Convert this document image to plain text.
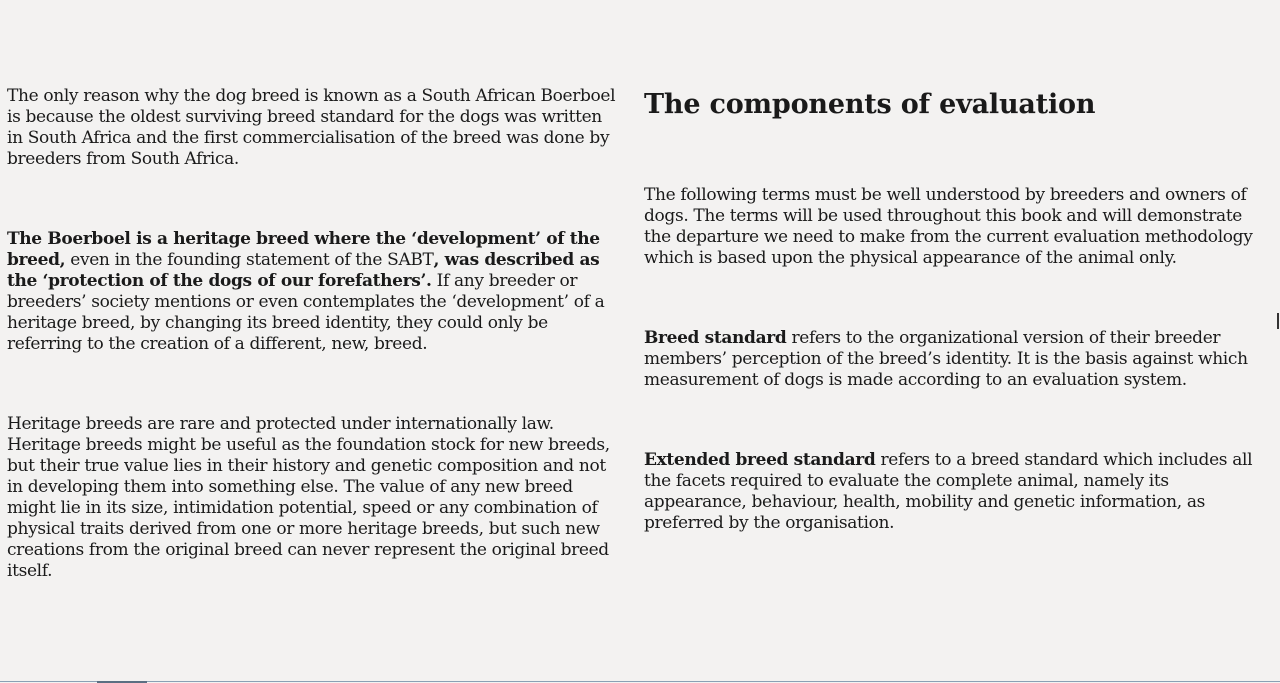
The only reason why the dog breed is known as a South African Boerboel is because the oldest surviving breed standard for the dogs was written in South Africa and the first commercialisation of the breed was done by breeders from South Africa.

The Boerboel is a heritage breed where the ‘development’ of the breed, even in the founding statement of the SABT, was described as the ‘protection of the dogs of our forefathers’. If any breeder or breeders’ society mentions or even contemplates the ‘development’ of a heritage breed, by changing its breed identity, they could only be referring to the creation of a different, new, breed.

Heritage breeds are rare and protected under internationally law. Heritage breeds might be useful as the foundation stock for new breeds, but their true value lies in their history and genetic composition and not in developing them into something else. The value of any new breed might lie in its size, intimidation potential, speed or any combination of physical traits derived from one or more heritage breeds, but such new creations from the original breed can never represent the original breed itself.

The components of evaluation

The following terms must be well understood by breeders and owners of dogs. The terms will be used throughout this book and will demonstrate the departure we need to make from the current evaluation methodology which is based upon the physical appearance of the animal only.

Breed standard refers to the organizational version of their breeder members’ perception of the breed’s identity. It is the basis against which measurement of dogs is made according to an evaluation system.

Extended breed standard refers to a breed standard which includes all the facets required to evaluate the complete animal, namely its appearance, behaviour, health, mobility and genetic information, as preferred by the organisation.
